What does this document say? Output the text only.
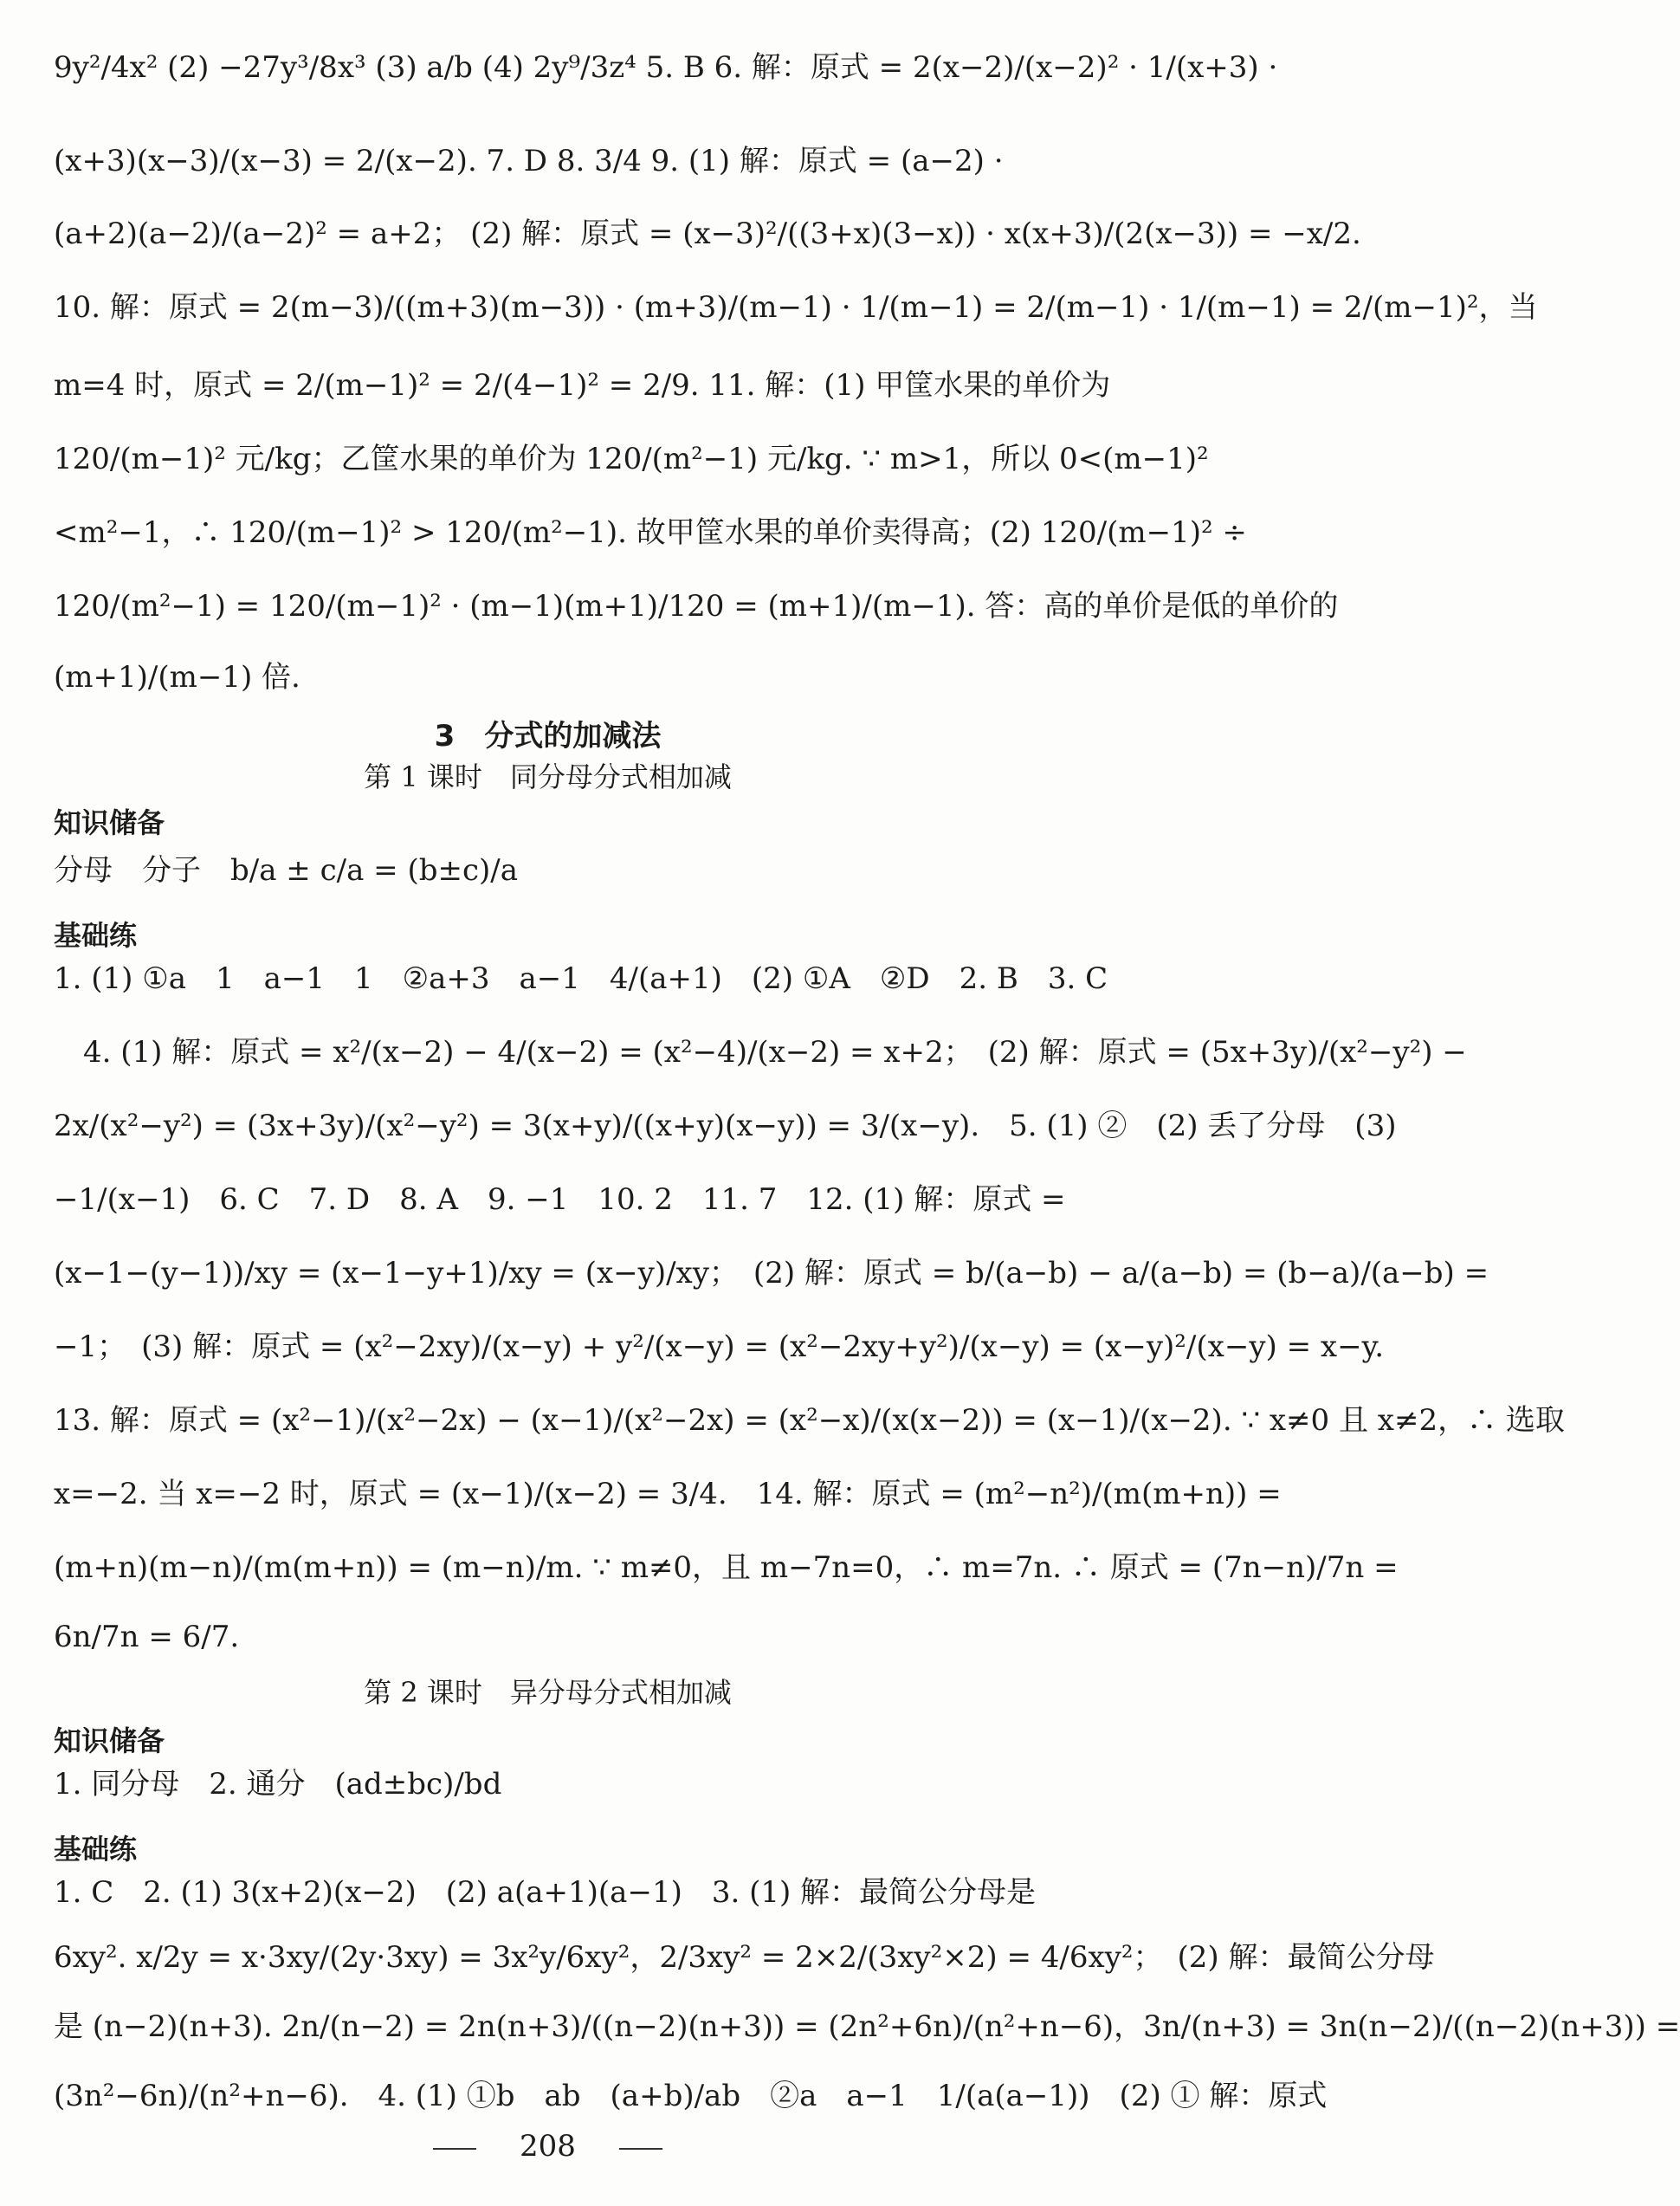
9y²/4x² (2) −27y³/8x³ (3) a/b (4) 2y⁹/3z⁴ 5. B 6. 解：原式 = 2(x−2)/(x−2)² · 1/(x+3) ·
(x+3)(x−3)/(x−3) = 2/(x−2). 7. D 8. 3/4 9. (1) 解：原式 = (a−2) ·
(a+2)(a−2)/(a−2)² = a+2； (2) 解：原式 = (x−3)²/((3+x)(3−x)) · x(x+3)/(2(x−3)) = −x/2.
10. 解：原式 = 2(m−3)/((m+3)(m−3)) · (m+3)/(m−1) · 1/(m−1) = 2/(m−1) · 1/(m−1) = 2/(m−1)²，当
m=4 时，原式 = 2/(m−1)² = 2/(4−1)² = 2/9. 11. 解：(1) 甲筐水果的单价为
120/(m−1)² 元/kg；乙筐水果的单价为 120/(m²−1) 元/kg. ∵ m>1，所以 0<(m−1)²
<m²−1，∴ 120/(m−1)² > 120/(m²−1). 故甲筐水果的单价卖得高；(2) 120/(m−1)² ÷
120/(m²−1) = 120/(m−1)² · (m−1)(m+1)/120 = (m+1)/(m−1). 答：高的单价是低的单价的
(m+1)/(m−1) 倍.
3　分式的加减法
第 1 课时　同分母分式相加减
知识储备
分母　分子　b/a ± c/a = (b±c)/a
基础练
1. (1) ①a　1　a−1　1　②a+3　a−1　4/(a+1)　(2) ①A　②D　2. B　3. C
4. (1) 解：原式 = x²/(x−2) − 4/(x−2) = (x²−4)/(x−2) = x+2；　(2) 解：原式 = (5x+3y)/(x²−y²) −
2x/(x²−y²) = (3x+3y)/(x²−y²) = 3(x+y)/((x+y)(x−y)) = 3/(x−y).　5. (1) ②　(2) 丢了分母　(3)
−1/(x−1)　6. C　7. D　8. A　9. −1　10. 2　11. 7　12. (1) 解：原式 =
(x−1−(y−1))/xy = (x−1−y+1)/xy = (x−y)/xy；　(2) 解：原式 = b/(a−b) − a/(a−b) = (b−a)/(a−b) =
−1；　(3) 解：原式 = (x²−2xy)/(x−y) + y²/(x−y) = (x²−2xy+y²)/(x−y) = (x−y)²/(x−y) = x−y.
13. 解：原式 = (x²−1)/(x²−2x) − (x−1)/(x²−2x) = (x²−x)/(x(x−2)) = (x−1)/(x−2). ∵ x≠0 且 x≠2，∴ 选取
x=−2. 当 x=−2 时，原式 = (x−1)/(x−2) = 3/4.　14. 解：原式 = (m²−n²)/(m(m+n)) =
(m+n)(m−n)/(m(m+n)) = (m−n)/m. ∵ m≠0，且 m−7n=0，∴ m=7n. ∴ 原式 = (7n−n)/7n =
6n/7n = 6/7.
第 2 课时　异分母分式相加减
知识储备
1. 同分母　2. 通分　(ad±bc)/bd
基础练
1. C　2. (1) 3(x+2)(x−2)　(2) a(a+1)(a−1)　3. (1) 解：最简公分母是
6xy². x/2y = x·3xy/(2y·3xy) = 3x²y/6xy²，2/3xy² = 2×2/(3xy²×2) = 4/6xy²；　(2) 解：最简公分母
是 (n−2)(n+3). 2n/(n−2) = 2n(n+3)/((n−2)(n+3)) = (2n²+6n)/(n²+n−6)，3n/(n+3) = 3n(n−2)/((n−2)(n+3)) =
(3n²−6n)/(n²+n−6).　4. (1) ①b　ab　(a+b)/ab　②a　a−1　1/(a(a−1))　(2) ① 解：原式
208
